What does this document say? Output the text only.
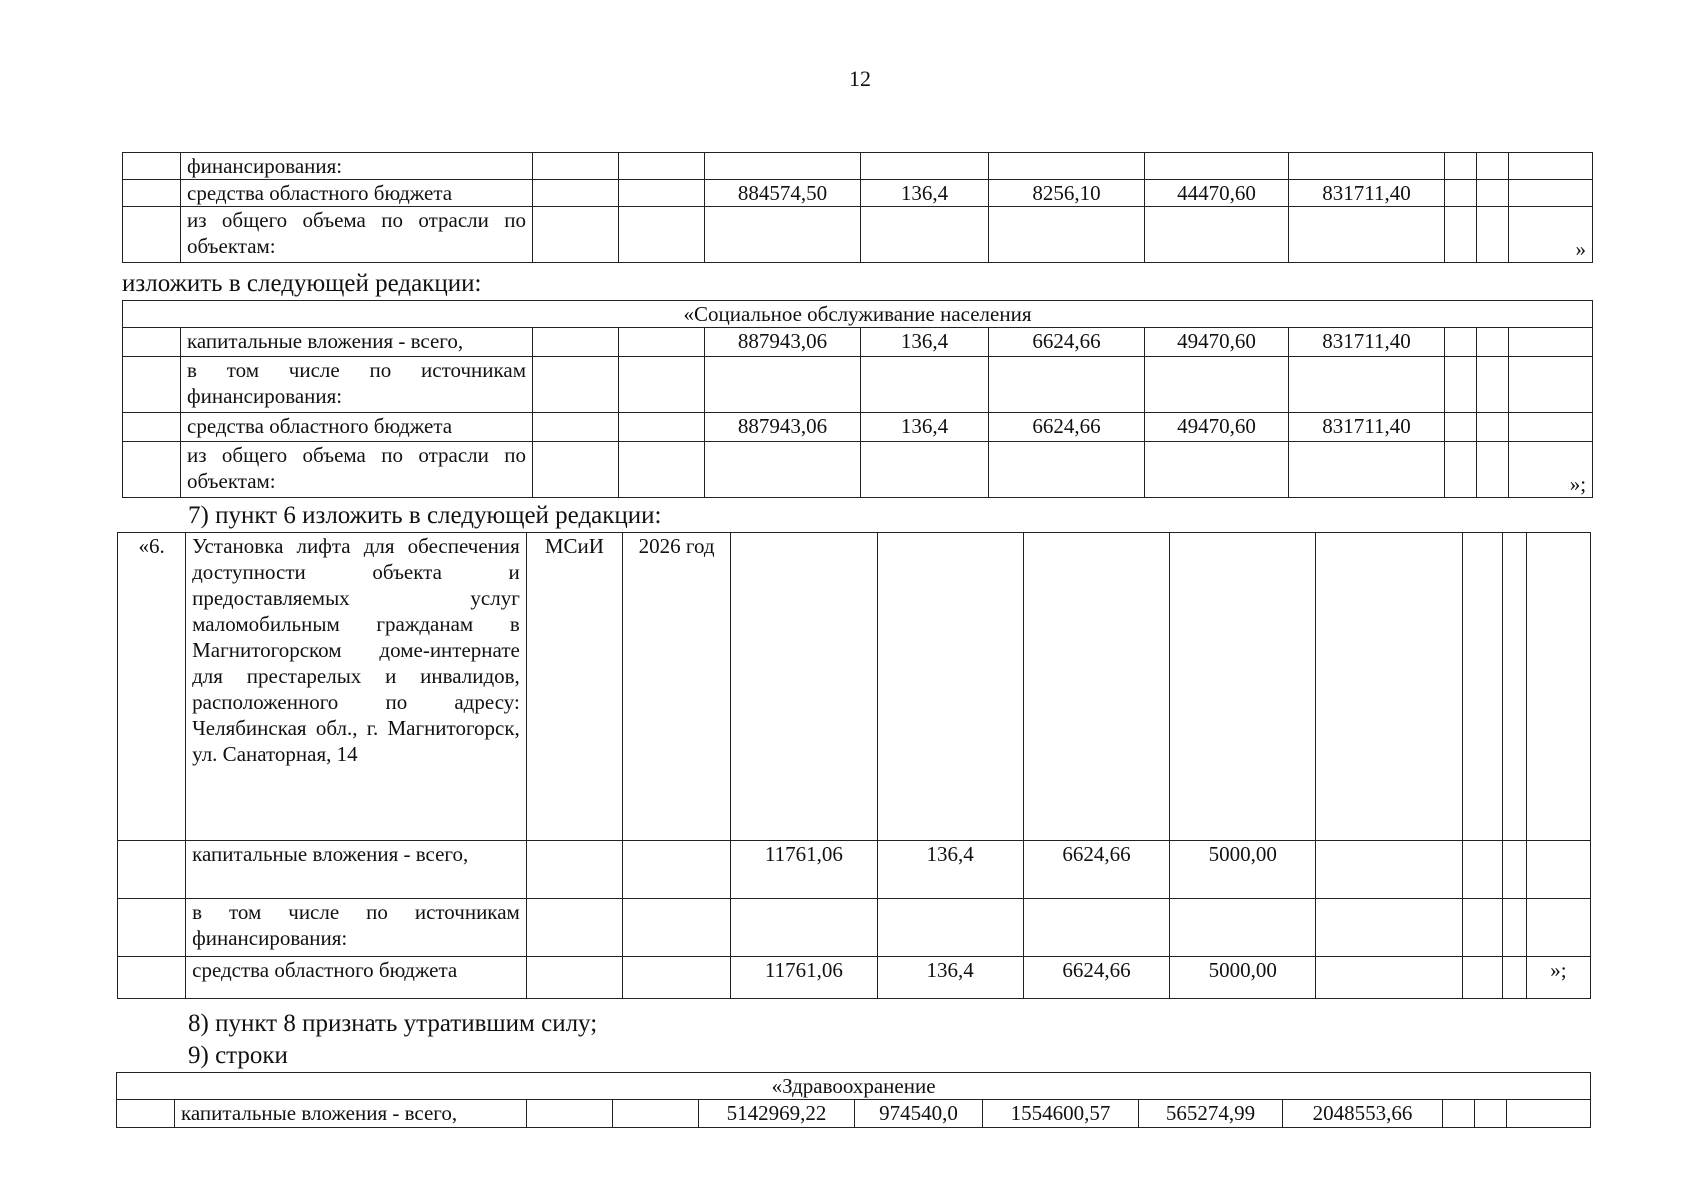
12
	финансирования:										
	средства областного бюджета			884574,50	136,4	8256,10	44470,60	831711,40			
	из общего объема по отрасли по объектам:										»
изложить в следующей редакции:
«Социальное обслуживание населения											
	капитальные вложения - всего,			887943,06	136,4	6624,66	49470,60	831711,40			
	в том числе по источникам финансирования:										
	средства областного бюджета			887943,06	136,4	6624,66	49470,60	831711,40			
	из общего объема по отрасли по объектам:										»;
7) пункт 6 изложить в следующей редакции:
«6.	Установка лифта для обеспечения доступности объекта и предоставляемых услуг маломобильным гражданам в Магнитогорском доме-интернате для престарелых и инвалидов, расположенного по адресу: Челябинская обл., г. Магнитогорск, ул. Санаторная, 14	МСиИ	2026 год								
	капитальные вложения - всего,			11761,06	136,4	6624,66	5000,00				
	в том числе по источникам финансирования:										
	средства областного бюджета			11761,06	136,4	6624,66	5000,00				»;
8) пункт 8 признать утратившим силу;
9) строки
«Здравоохранение
	капитальные вложения - всего,			5142969,22	974540,0	1554600,57	565274,99	2048553,66			
